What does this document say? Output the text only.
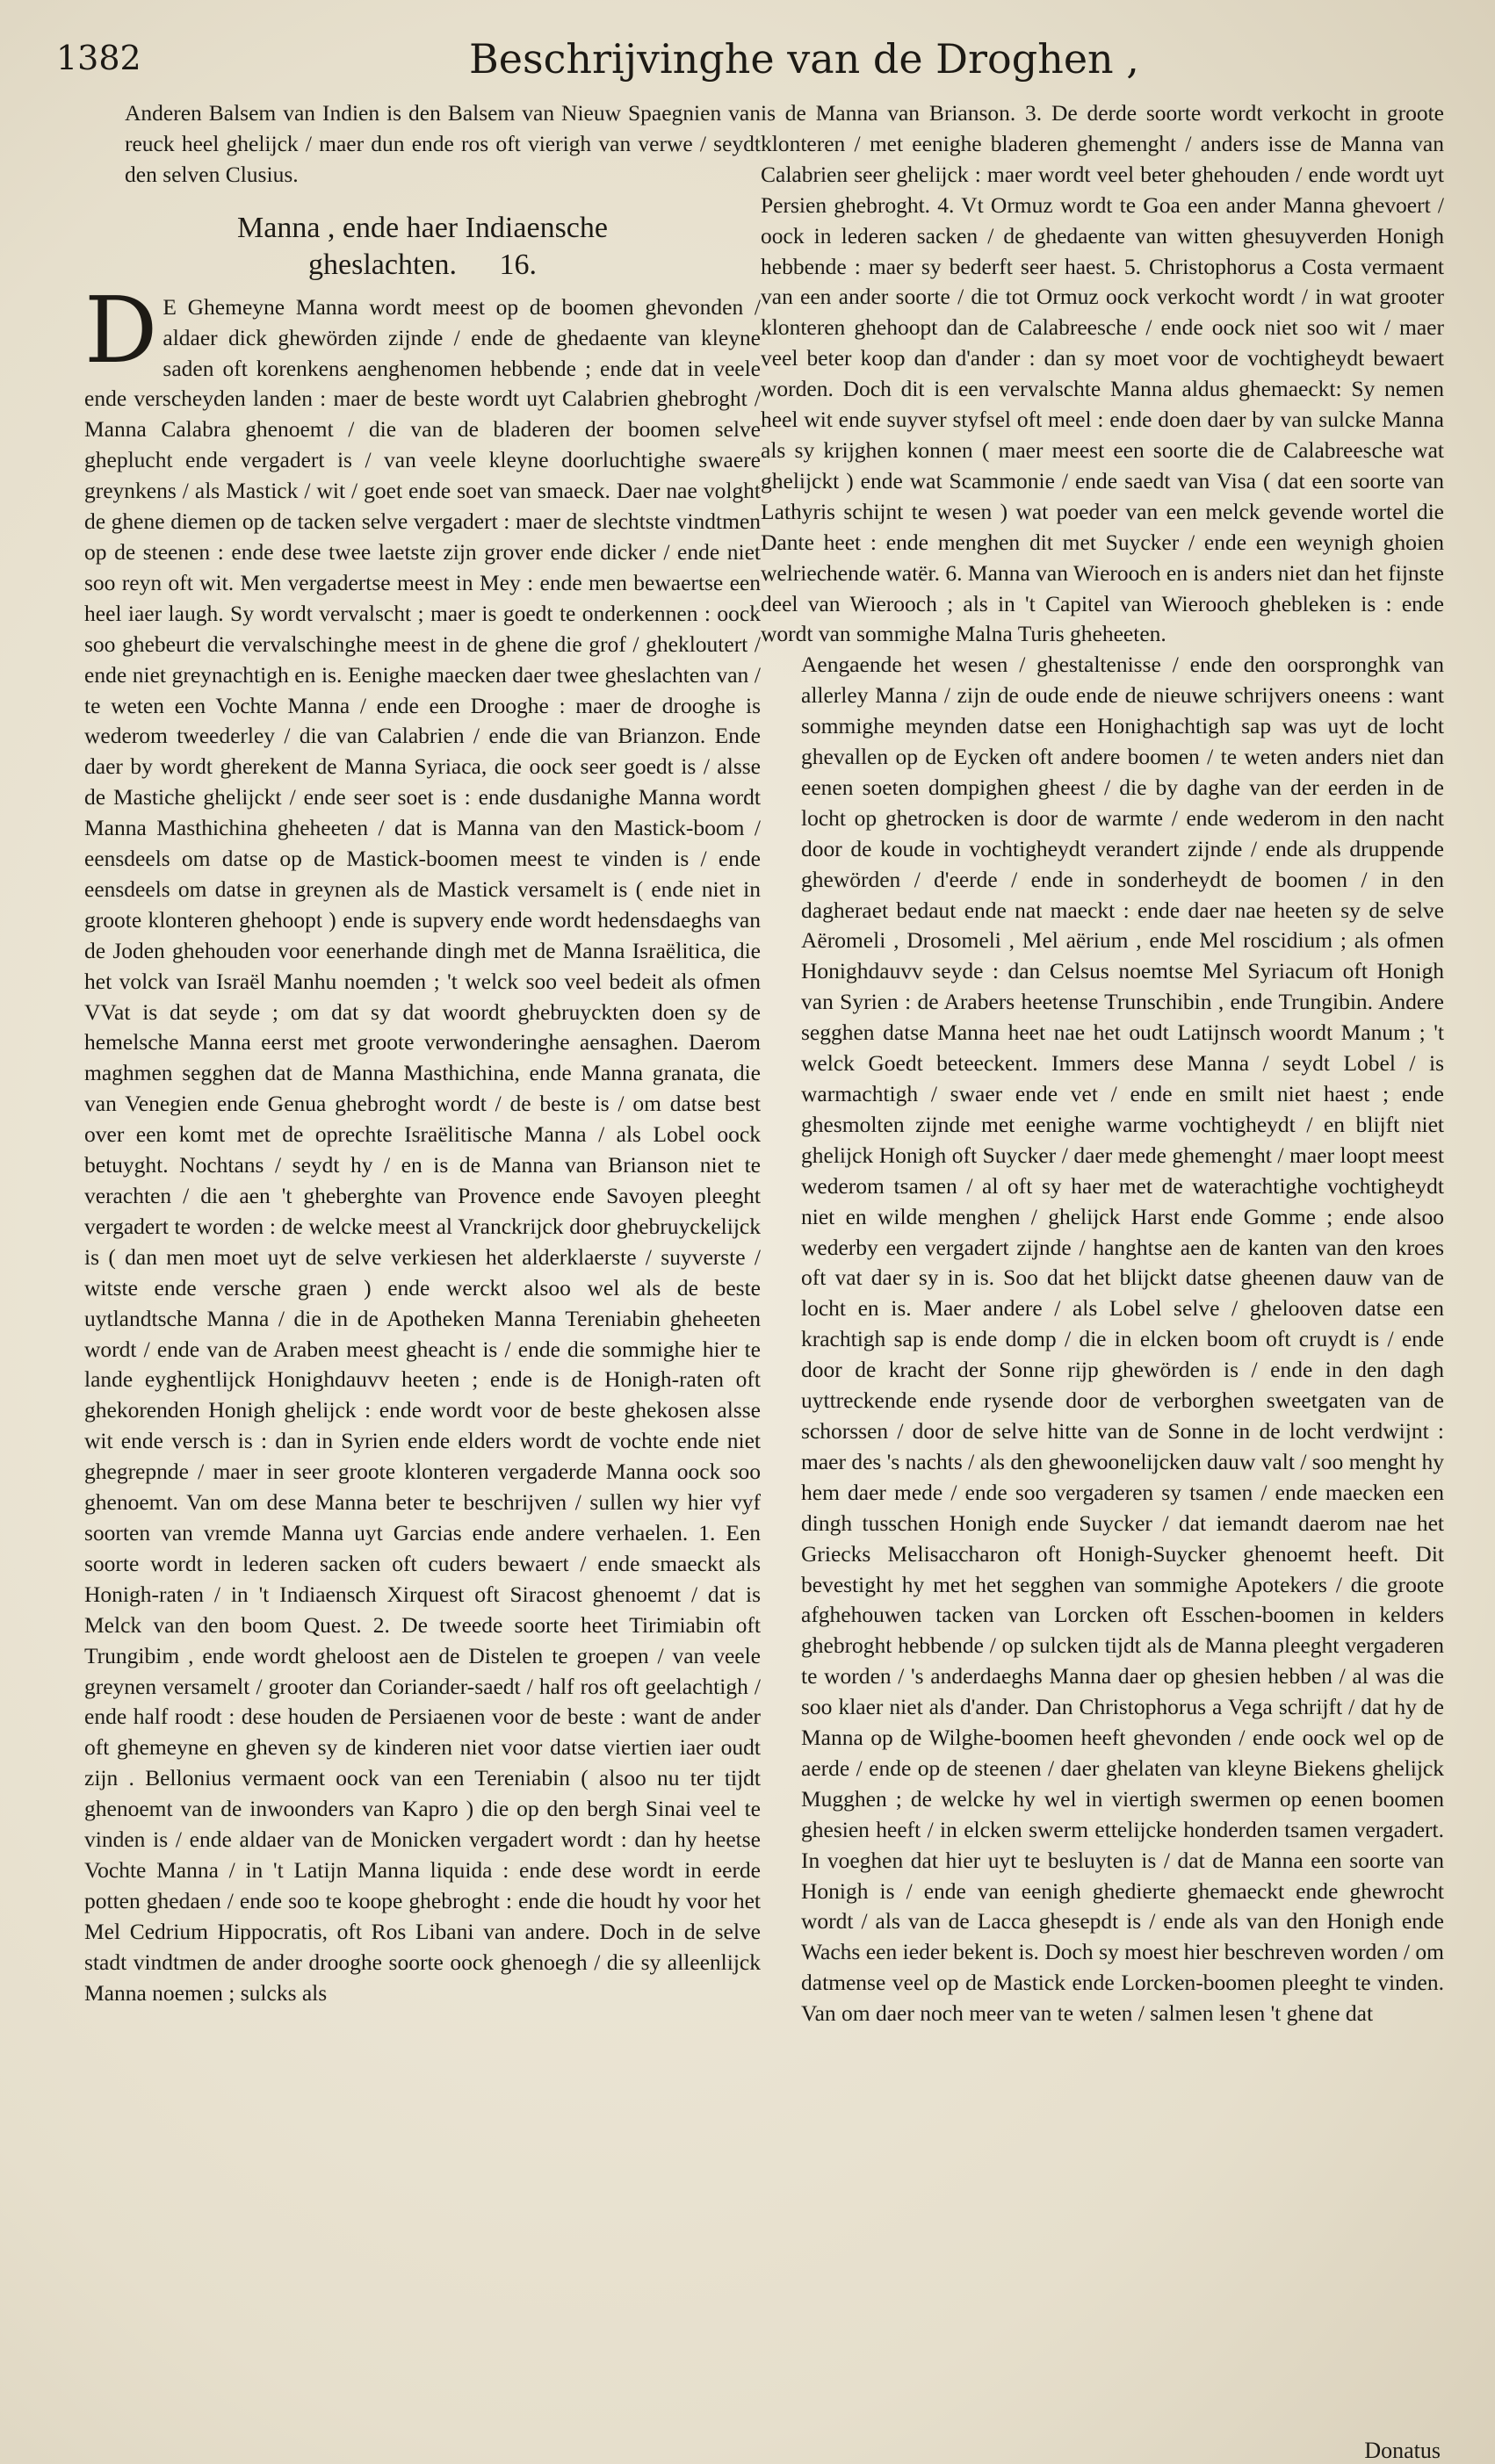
1382	Beschrijvinghe van de Droghen ,

Anderen Balsem van Indien is den Balsem van Nieuw Spaegnien van reuck heel ghelijck / maer dun ende ros oft vierigh van verwe / seydt den selven Clusius.

Manna , ende haer Indiaensche
gheslachten. 16.

D E Ghemeyne Manna wordt meest op de boomen ghevonden / aldaer dick ghewörden zijnde / ende de ghedaente van kleyne saden oft korenkens aenghenomen hebbende ; ende dat in veele ende verscheyden landen : maer de beste wordt uyt Calabrien ghebroght / Manna Calabra ghenoemt / die van de bladeren der boomen selve gheplucht ende vergadert is / van veele kleyne doorluchtighe swaere greynkens / als Mastick / wit / goet ende soet van smaeck. Daer nae volght de ghene diemen op de tacken selve vergadert : maer de slechtste vindtmen op de steenen : ende dese twee laetste zijn grover ende dicker / ende niet soo reyn oft wit. Men vergadertse meest in Mey : ende men bewaertse een heel iaer laugh. Sy wordt vervalscht ; maer is goedt te onderkennen : oock soo ghebeurt die vervalschinghe meest in de ghene die grof / ghekloutert / ende niet greynachtigh en is. Eenighe maecken daer twee gheslachten van / te weten een Vochte Manna / ende een Drooghe : maer de drooghe is wederom tweederley / die van Calabrien / ende die van Brianzon. Ende daer by wordt gherekent de Manna Syriaca, die oock seer goedt is / alsse de Mastiche ghelijckt / ende seer soet is : ende dusdanighe Manna wordt Manna Masthichina gheheeten / dat is Manna van den Mastick-boom / eensdeels om datse op de Mastick-boomen meest te vinden is / ende eensdeels om datse in greynen als de Mastick versamelt is ( ende niet in groote klonteren ghehoopt ) ende is supvery ende wordt hedensdaeghs van de Joden ghehouden voor eenerhande dingh met de Manna Israëlitica, die het volck van Israël Manhu noemden ; 't welck soo veel bedeit als ofmen VVat is dat seyde ; om dat sy dat woordt ghebruyckten doen sy de hemelsche Manna eerst met groote verwonderinghe aensaghen. Daerom maghmen segghen dat de Manna Masthichina, ende Manna granata, die van Venegien ende Genua ghebroght wordt / de beste is / om datse best over een komt met de oprechte Israëlitische Manna / als Lobel oock betuyght. Nochtans / seydt hy / en is de Manna van Brianson niet te verachten / die aen 't gheberghte van Provence ende Savoyen pleeght vergadert te worden : de welcke meest al Vranckrijck door ghebruyckelijck is ( dan men moet uyt de selve verkiesen het alderklaerste / suyverste / witste ende versche graen ) ende werckt alsoo wel als de beste uytlandtsche Manna / die in de Apotheken Manna Tereniabin gheheeten wordt / ende van de Araben meest gheacht is / ende die sommighe hier te lande eyghentlijck Honighdauvv heeten ; ende is de Honigh-raten oft ghekorenden Honigh ghelijck : ende wordt voor de beste ghekosen alsse wit ende versch is : dan in Syrien ende elders wordt de vochte ende niet ghegrepnde / maer in seer groote klonteren vergaderde Manna oock soo ghenoemt. Van om dese Manna beter te beschrijven / sullen wy hier vyf soorten van vremde Manna uyt Garcias ende andere verhaelen. 1. Een soorte wordt in lederen sacken oft cuders bewaert / ende smaeckt als Honigh-raten / in 't Indiaensch Xirquest oft Siracost ghenoemt / dat is Melck van den boom Quest. 2. De tweede soorte heet Tirimiabin oft Trungibim , ende wordt gheloost aen de Distelen te groepen / van veele greynen versamelt / grooter dan Coriander-saedt / half ros oft geelachtigh / ende half roodt : dese houden de Persiaenen voor de beste : want de ander oft ghemeyne en gheven sy de kinderen niet voor datse viertien iaer oudt zijn . Bellonius vermaent oock van een Tereniabin ( alsoo nu ter tijdt ghenoemt van de inwoonders van Kapro ) die op den bergh Sinai veel te vinden is / ende aldaer van de Monicken vergadert wordt : dan hy heetse Vochte Manna / in 't Latijn Manna liquida : ende dese wordt in eerde potten ghedaen / ende soo te koope ghebroght : ende die houdt hy voor het Mel Cedrium Hippocratis, oft Ros Libani van andere. Doch in de selve stadt vindtmen de ander drooghe soorte oock ghenoegh / die sy alleenlijck Manna noemen ; sulcks als

is de Manna van Brianson. 3. De derde soorte wordt verkocht in groote klonteren / met eenighe bladeren ghemenght / anders isse de Manna van Calabrien seer ghelijck : maer wordt veel beter ghehouden / ende wordt uyt Persien ghebroght. 4. Vt Ormuz wordt te Goa een ander Manna ghevoert / oock in lederen sacken / de ghedaente van witten ghesuyverden Honigh hebbende : maer sy bederft seer haest. 5. Christophorus a Costa vermaent van een ander soorte / die tot Ormuz oock verkocht wordt / in wat grooter klonteren ghehoopt dan de Calabreesche / ende oock niet soo wit / maer veel beter koop dan d'ander : dan sy moet voor de vochtigheydt bewaert worden. Doch dit is een vervalschte Manna aldus ghemaeckt: Sy nemen heel wit ende suyver styfsel oft meel : ende doen daer by van sulcke Manna als sy krijghen konnen ( maer meest een soorte die de Calabreesche wat ghelijckt ) ende wat Scammonie / ende saedt van Visa ( dat een soorte van Lathyris schijnt te wesen ) wat poeder van een melck gevende wortel die Dante heet : ende menghen dit met Suycker / ende een weynigh ghoien welriechende watër. 6. Manna van Wierooch en is anders niet dan het fijnste deel van Wierooch ; als in 't Capitel van Wierooch ghebleken is : ende wordt van sommighe Malna Turis gheheeten.

Aengaende het wesen / ghestaltenisse / ende den oorspronghk van allerley Manna / zijn de oude ende de nieuwe schrijvers oneens : want sommighe meynden datse een Honighachtigh sap was uyt de locht ghevallen op de Eycken oft andere boomen / te weten anders niet dan eenen soeten dompighen gheest / die by daghe van der eerden in de locht op ghetrocken is door de warmte / ende wederom in den nacht door de koude in vochtigheydt verandert zijnde / ende als druppende ghewörden / d'eerde / ende in sonderheydt de boomen / in den dagheraet bedaut ende nat maeckt : ende daer nae heeten sy de selve Aëromeli , Drosomeli , Mel aërium , ende Mel roscidium ; als ofmen Honighdauvv seyde : dan Celsus noemtse Mel Syriacum oft Honigh van Syrien : de Arabers heetense Trunschibin , ende Trungibin. Andere segghen datse Manna heet nae het oudt Latijnsch woordt Manum ; 't welck Goedt beteeckent. Immers dese Manna / seydt Lobel / is warmachtigh / swaer ende vet / ende en smilt niet haest ; ende ghesmolten zijnde met eenighe warme vochtigheydt / en blijft niet ghelijck Honigh oft Suycker / daer mede ghemenght / maer loopt meest wederom tsamen / al oft sy haer met de waterachtighe vochtigheydt niet en wilde menghen / ghelijck Harst ende Gomme ; ende alsoo wederby een vergadert zijnde / hanghtse aen de kanten van den kroes oft vat daer sy in is. Soo dat het blijckt datse gheenen dauw van de locht en is. Maer andere / als Lobel selve / ghelooven datse een krachtigh sap is ende domp / die in elcken boom oft cruydt is / ende door de kracht der Sonne rijp ghewörden is / ende in den dagh uyttreckende ende rysende door de verborghen sweetgaten van de schorssen / door de selve hitte van de Sonne in de locht verdwijnt : maer des 's nachts / als den ghewoonelijcken dauw valt / soo menght hy hem daer mede / ende soo vergaderen sy tsamen / ende maecken een dingh tusschen Honigh ende Suycker / dat iemandt daerom nae het Griecks Melisaccharon oft Honigh-Suycker ghenoemt heeft. Dit bevestight hy met het segghen van sommighe Apotekers / die groote afghehouwen tacken van Lorcken oft Esschen-boomen in kelders ghebroght hebbende / op sulcken tijdt als de Manna pleeght vergaderen te worden / 's anderdaeghs Manna daer op ghesien hebben / al was die soo klaer niet als d'ander. Dan Christophorus a Vega schrijft / dat hy de Manna op de Wilghe-boomen heeft ghevonden / ende oock wel op de aerde / ende op de steenen / daer ghelaten van kleyne Biekens ghelijck Mugghen ; de welcke hy wel in viertigh swermen op eenen boomen ghesien heeft / in elcken swerm ettelijcke honderden tsamen vergadert. In voeghen dat hier uyt te besluyten is / dat de Manna een soorte van Honigh is / ende van eenigh ghedierte ghemaeckt ende ghewrocht wordt / als van de Lacca ghesepdt is / ende als van den Honigh ende Wachs een ieder bekent is. Doch sy moest hier beschreven worden / om datmense veel op de Mastick ende Lorcken-boomen pleeght te vinden. Van om daer noch meer van te weten / salmen lesen 't ghene dat

Donatus
